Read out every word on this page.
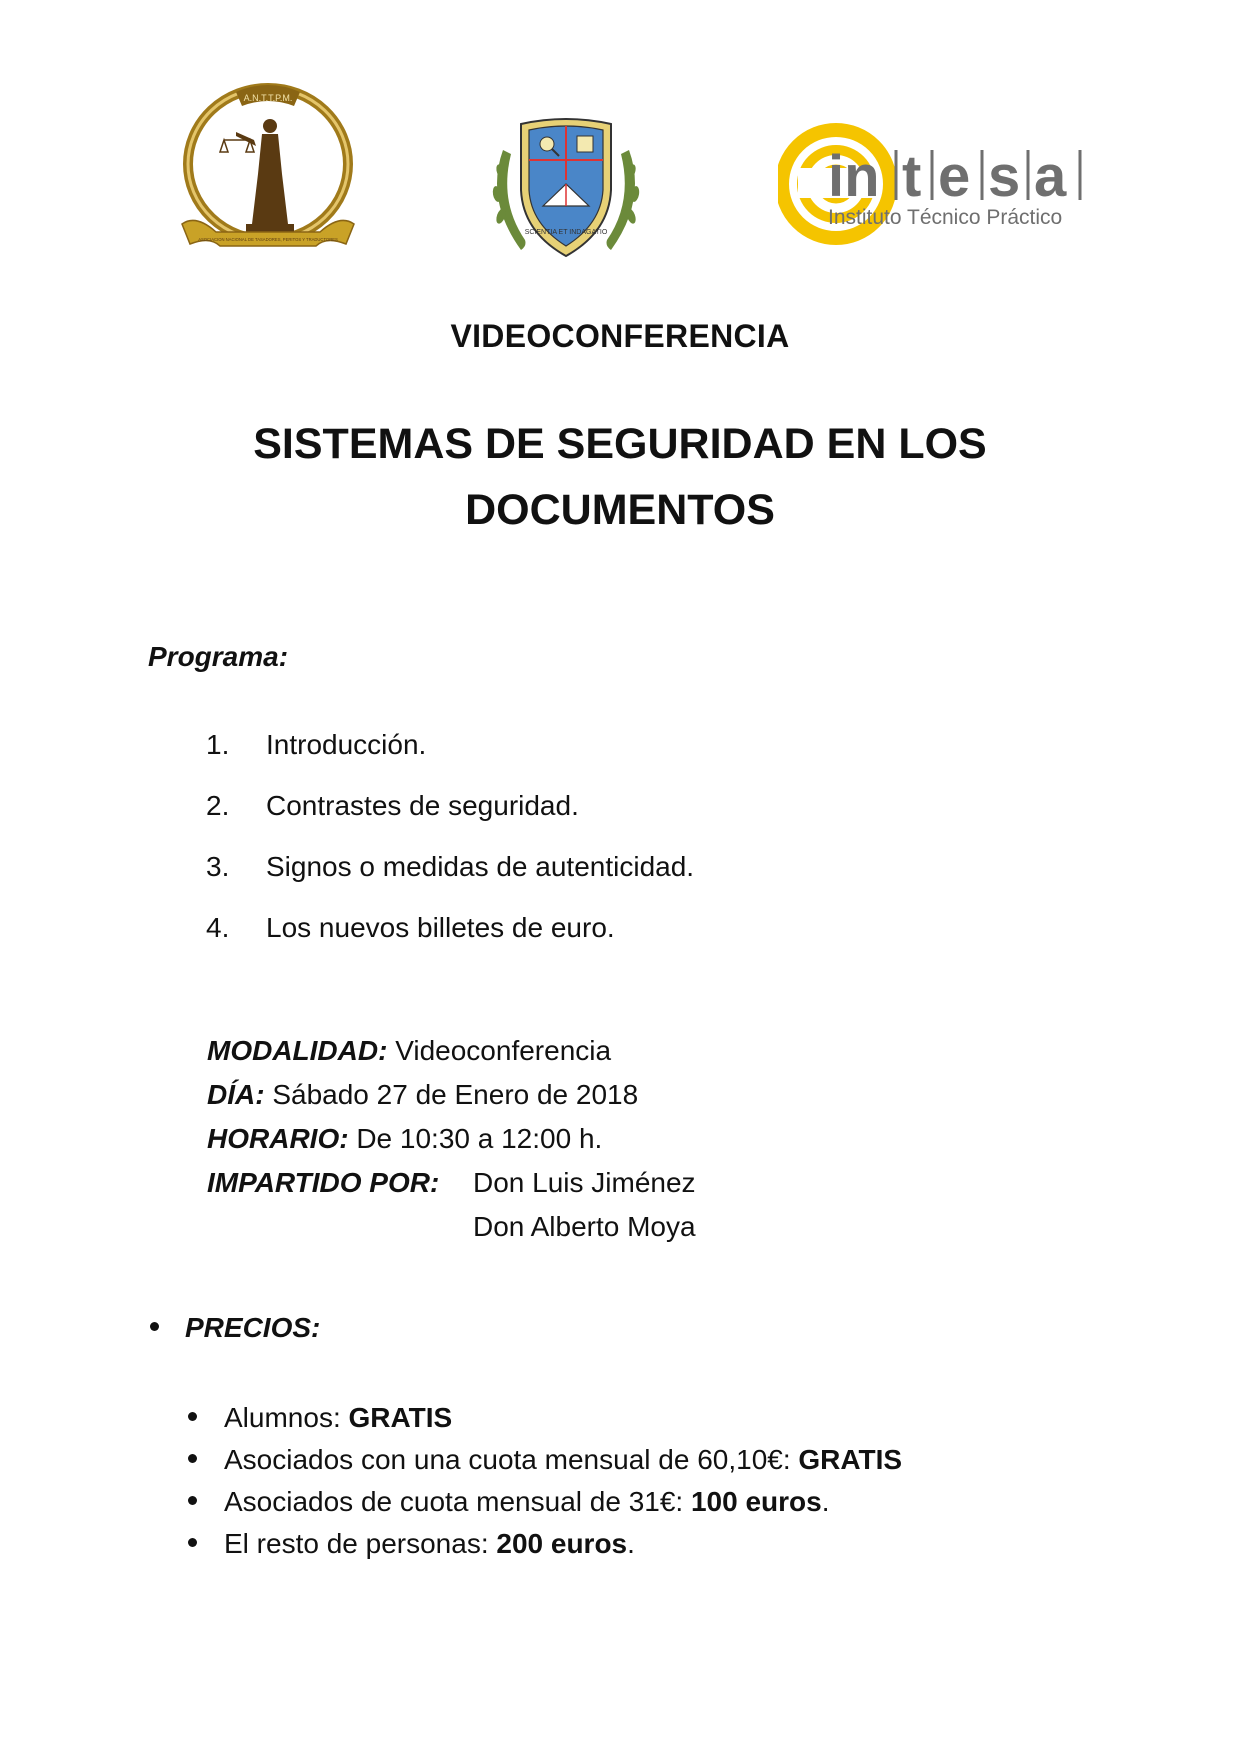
A.N.T.T.P.M.
ASOCIACION NACIONAL DE TASADORES, PERITOS Y TRADUCTORES
SCIENTIA ET INDAGATIO
in t e s a
Instituto Técnico Práctico
VIDEOCONFERENCIA
SISTEMAS DE SEGURIDAD EN LOS
DOCUMENTOS
Programa:
1. Introducción.
2. Contrastes de seguridad.
3. Signos o medidas de autenticidad.
4. Los nuevos billetes de euro.
MODALIDAD: Videoconferencia
DÍA: Sábado 27 de Enero de 2018
HORARIO: De 10:30 a 12:00 h.
IMPARTIDO POR: Don Luis Jiménez
Don Alberto Moya
PRECIOS:
Alumnos: GRATIS
Asociados con una cuota mensual de 60,10€: GRATIS
Asociados de cuota mensual de 31€: 100 euros.
El resto de personas: 200 euros.
